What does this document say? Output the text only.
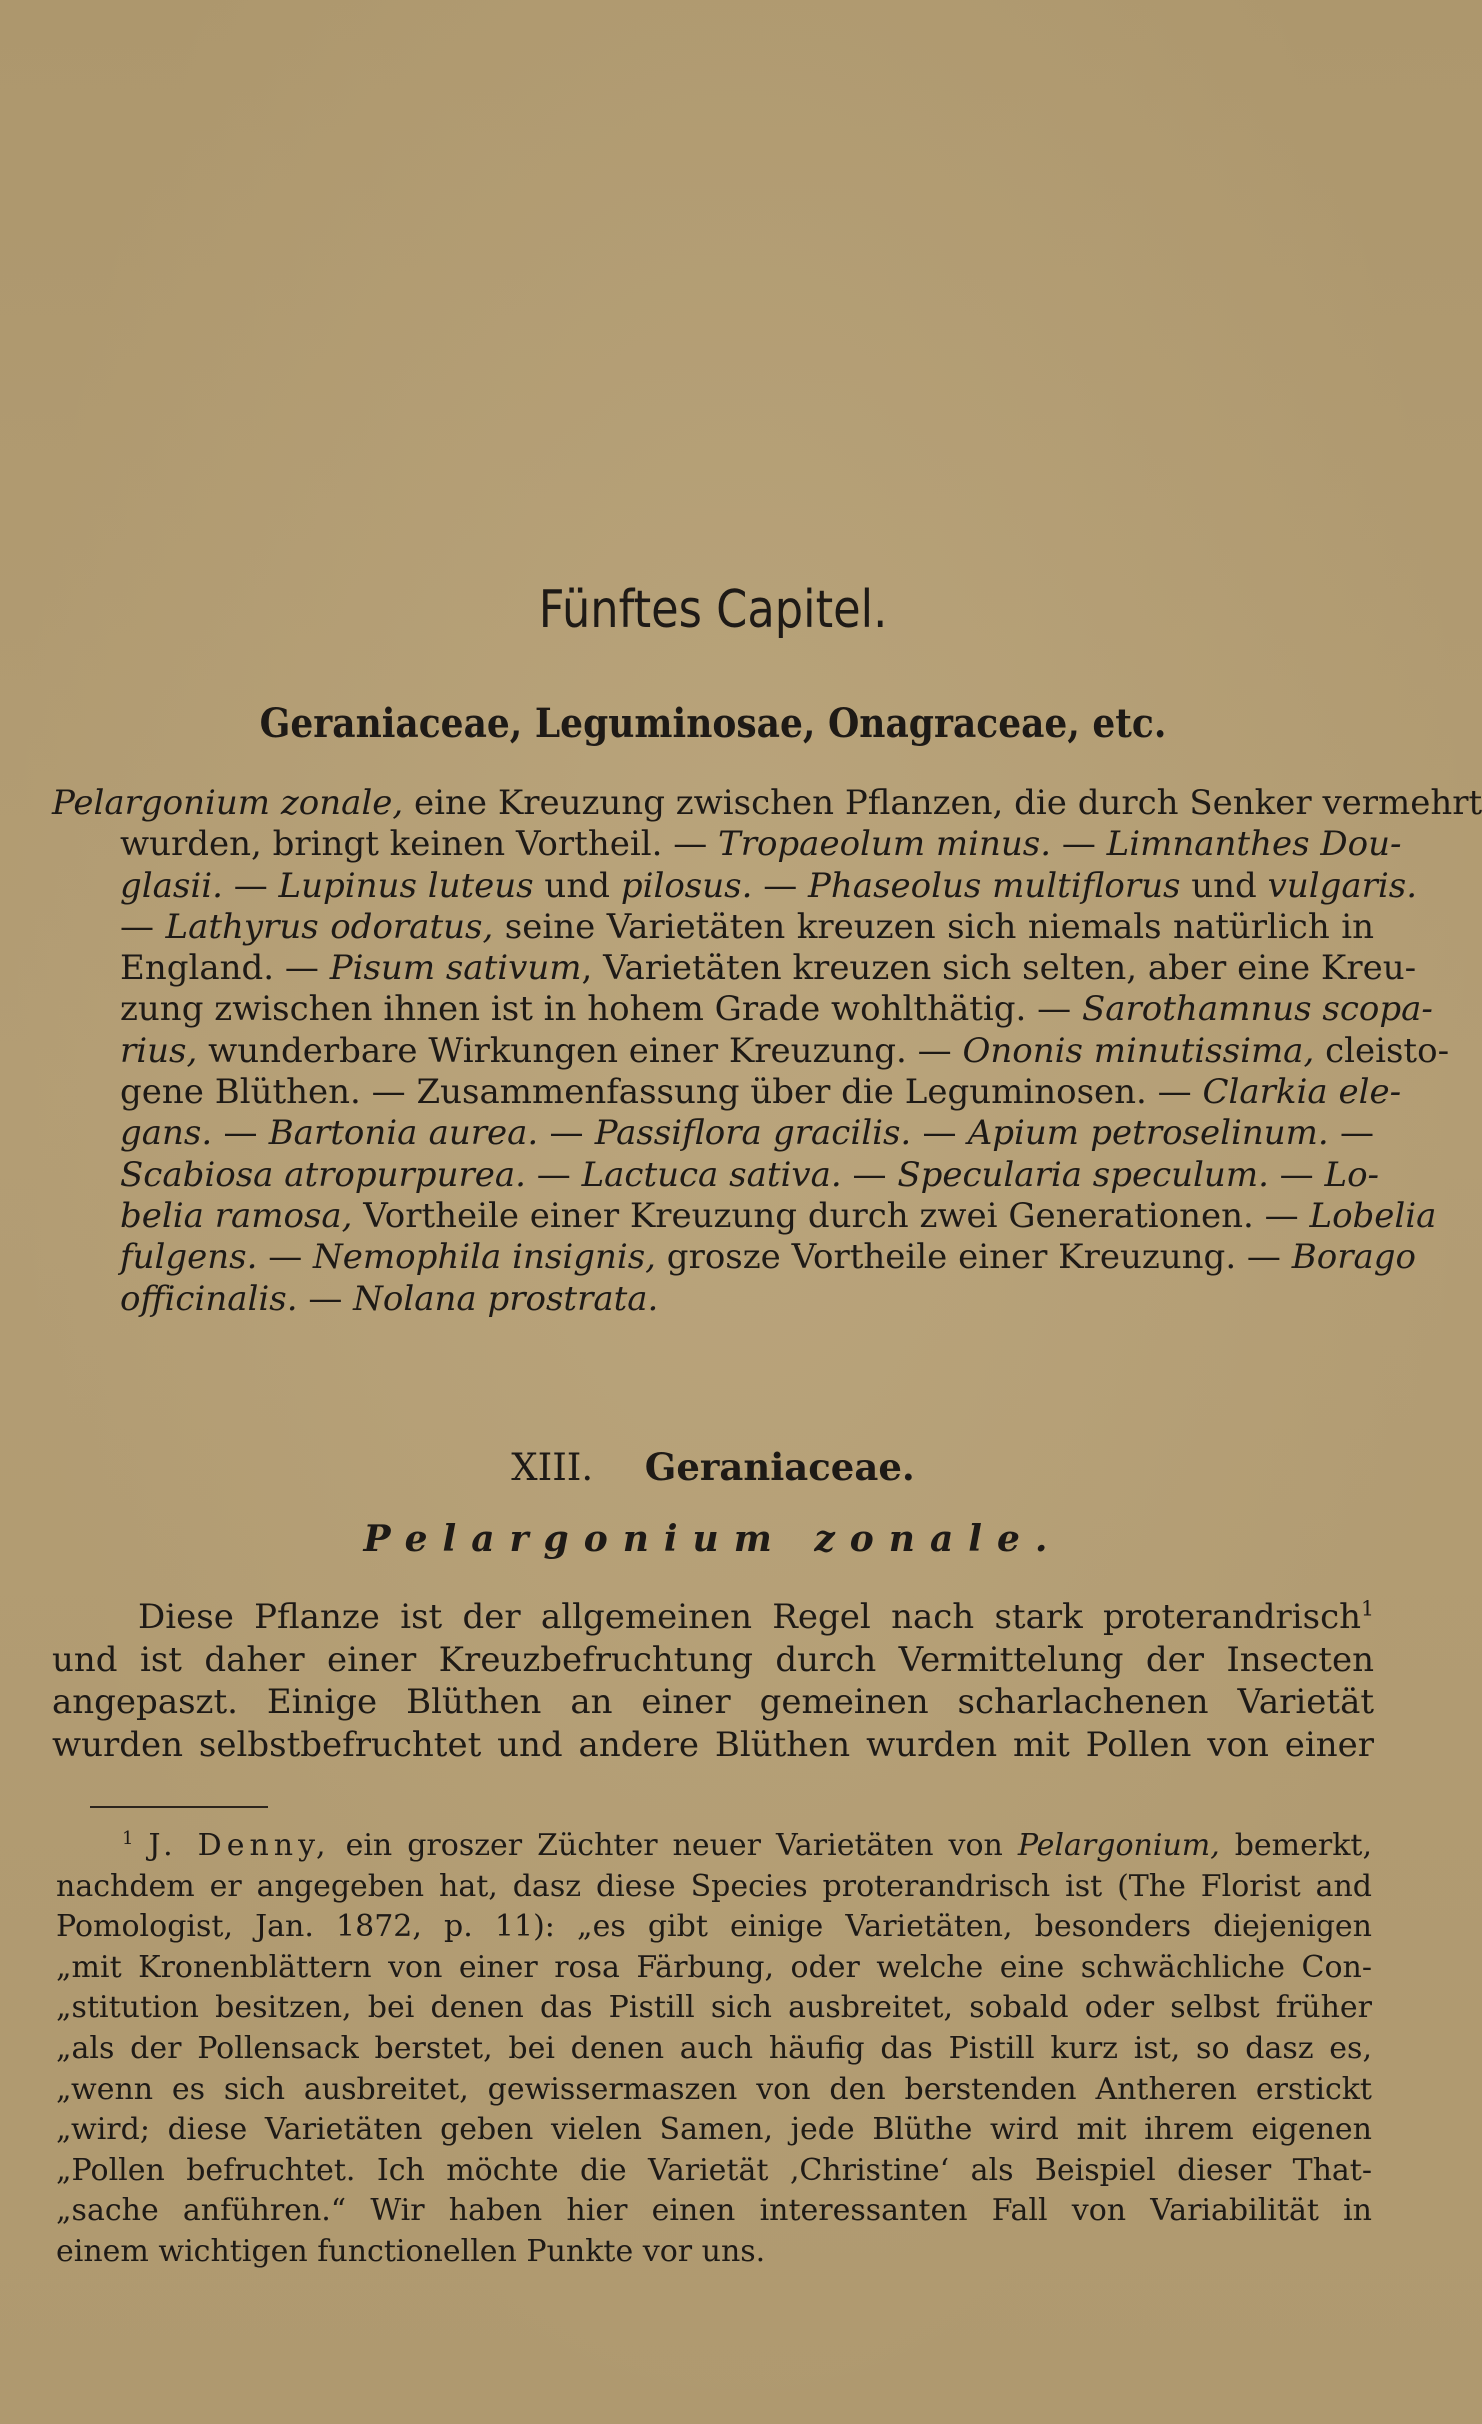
Fünftes Capitel.
Geraniaceae, Leguminosae, Onagraceae, etc.
Pelargonium zonale, eine Kreuzung zwischen Pflanzen, die durch Senker vermehrt
wurden, bringt keinen Vortheil. — Tropaeolum minus. — Limnanthes Dou-
glasii. — Lupinus luteus und pilosus. — Phaseolus multiflorus und vulgaris.
— Lathyrus odoratus, seine Varietäten kreuzen sich niemals natürlich in
England. — Pisum sativum, Varietäten kreuzen sich selten, aber eine Kreu-
zung zwischen ihnen ist in hohem Grade wohlthätig. — Sarothamnus scopa-
rius, wunderbare Wirkungen einer Kreuzung. — Ononis minutissima, cleisto-
gene Blüthen. — Zusammenfassung über die Leguminosen. — Clarkia ele-
gans. — Bartonia aurea. — Passiflora gracilis. — Apium petroselinum. —
Scabiosa atropurpurea. — Lactuca sativa. — Specularia speculum. — Lo-
belia ramosa, Vortheile einer Kreuzung durch zwei Generationen. — Lobelia
fulgens. — Nemophila insignis, grosze Vortheile einer Kreuzung. — Borago
officinalis. — Nolana prostrata.
XIII. Geraniaceae.
Pelargonium zonale.
Diese Pflanze ist der allgemeinen Regel nach stark proterandrisch$^1$
und ist daher einer Kreuzbefruchtung durch Vermittelung der Insecten
angepaszt. Einige Blüthen an einer gemeinen scharlachenen Varietät
wurden selbstbefruchtet und andere Blüthen wurden mit Pollen von einer
$^1$ J. Denny, ein groszer Züchter neuer Varietäten von Pelargonium, bemerkt,
nachdem er angegeben hat, dasz diese Species proterandrisch ist (The Florist and
Pomologist, Jan. 1872, p. 11): „es gibt einige Varietäten, besonders diejenigen
„mit Kronenblättern von einer rosa Färbung, oder welche eine schwächliche Con-
„stitution besitzen, bei denen das Pistill sich ausbreitet, sobald oder selbst früher
„als der Pollensack berstet, bei denen auch häufig das Pistill kurz ist, so dasz es,
„wenn es sich ausbreitet, gewissermaszen von den berstenden Antheren erstickt
„wird; diese Varietäten geben vielen Samen, jede Blüthe wird mit ihrem eigenen
„Pollen befruchtet. Ich möchte die Varietät ‚Christine‘ als Beispiel dieser That-
„sache anführen.“ Wir haben hier einen interessanten Fall von Variabilität in
einem wichtigen functionellen Punkte vor uns.
